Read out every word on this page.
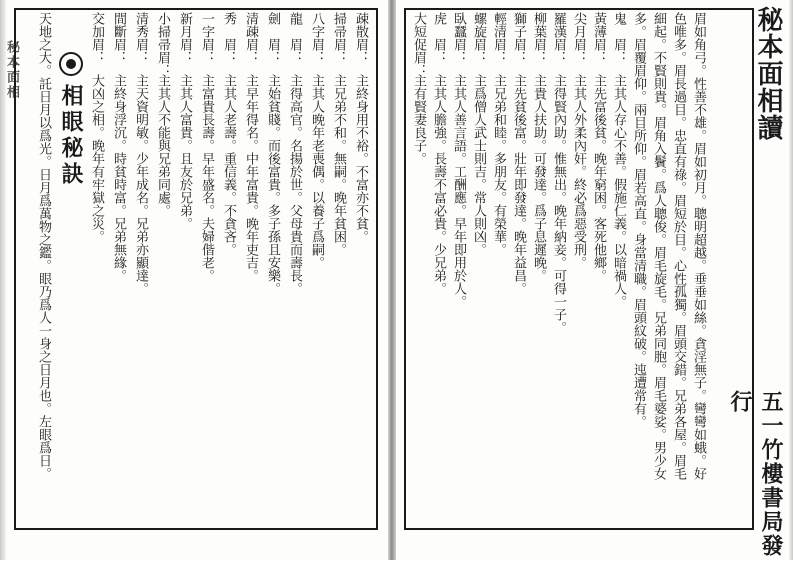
秘本面相
疎散眉：主終身用不裕。不富亦不貧。
掃帚眉：主兄弟不和。無嗣。晚年貧困。
八字眉：主其人晚年老喪偶。以養子爲嗣。
龍　眉：主得高官。名揚於世。父母貴而壽長。
劍　眉：主始貧賤。而後富貴。多子孫且安樂。
清疎眉：主早年得名。中年富貴。晚年吏吉。
秀　眉：主其人老壽。重信義。不貪吝。
一字眉：主富貴長壽。早年盛名。夫婦偕老。
新月眉：主其人富貴。且友於兄弟。
小掃帚眉：主其人不能與兄弟同處。
清秀眉：主天資明敏。少年成名。兄弟亦顯達。
間斷眉：主終身浮沉。時貧時富。兄弟無緣。
交加眉：大凶之相。晚年有牢獄之災。
相眼秘訣
天地之大。託日月以爲光。日月爲萬物之鑑。眼乃爲人一身之日月也。左眼爲日。	秘本面相讀
五一竹樓書局發行
眉如角弓。性善不雄。眉如初月。聰明超越。垂垂如絲。貪淫無子。彎彎如蛾。好
色唯多。眉長過目。忠直有祿。眉短於目。心性孤獨。眉頭交錯。兄弟各屋。眉毛
細起。不賢則貴。眉角入鬢。爲人聰俊。眉毛旋毛。兄弟同胞。眉毛婆娑。男少女
多。眉覆眉仰。兩目所仰。眉若高直。身當清職。眉頭紋破。迍遭常有。
鬼　眉：主其人存心不善。假施仁義。以暗禍人。
黃薄眉：主先富後貧。晚年窮困。客死他鄉。
尖月眉：主其人外柔內奸。終必爲惡受刑。
羅漢眉：主得賢內助。惟無出。晚年納妾。可得一子。
柳葉眉：主貴人扶助。可發達。爲子息遲晚。
獅子眉：主先貧後富。壯年即發達。晚年益昌。
輕清眉：主兄弟和睦。多朋友。有榮華。
螺旋眉：主爲僧人武士則吉。常人則凶。
臥蠶眉：主其人善言語。工酬應。早年即用於人。
虎　眉：主其人膽強。長壽不富必貴。少兄弟。
大短促眉：主有賢妻良子。
